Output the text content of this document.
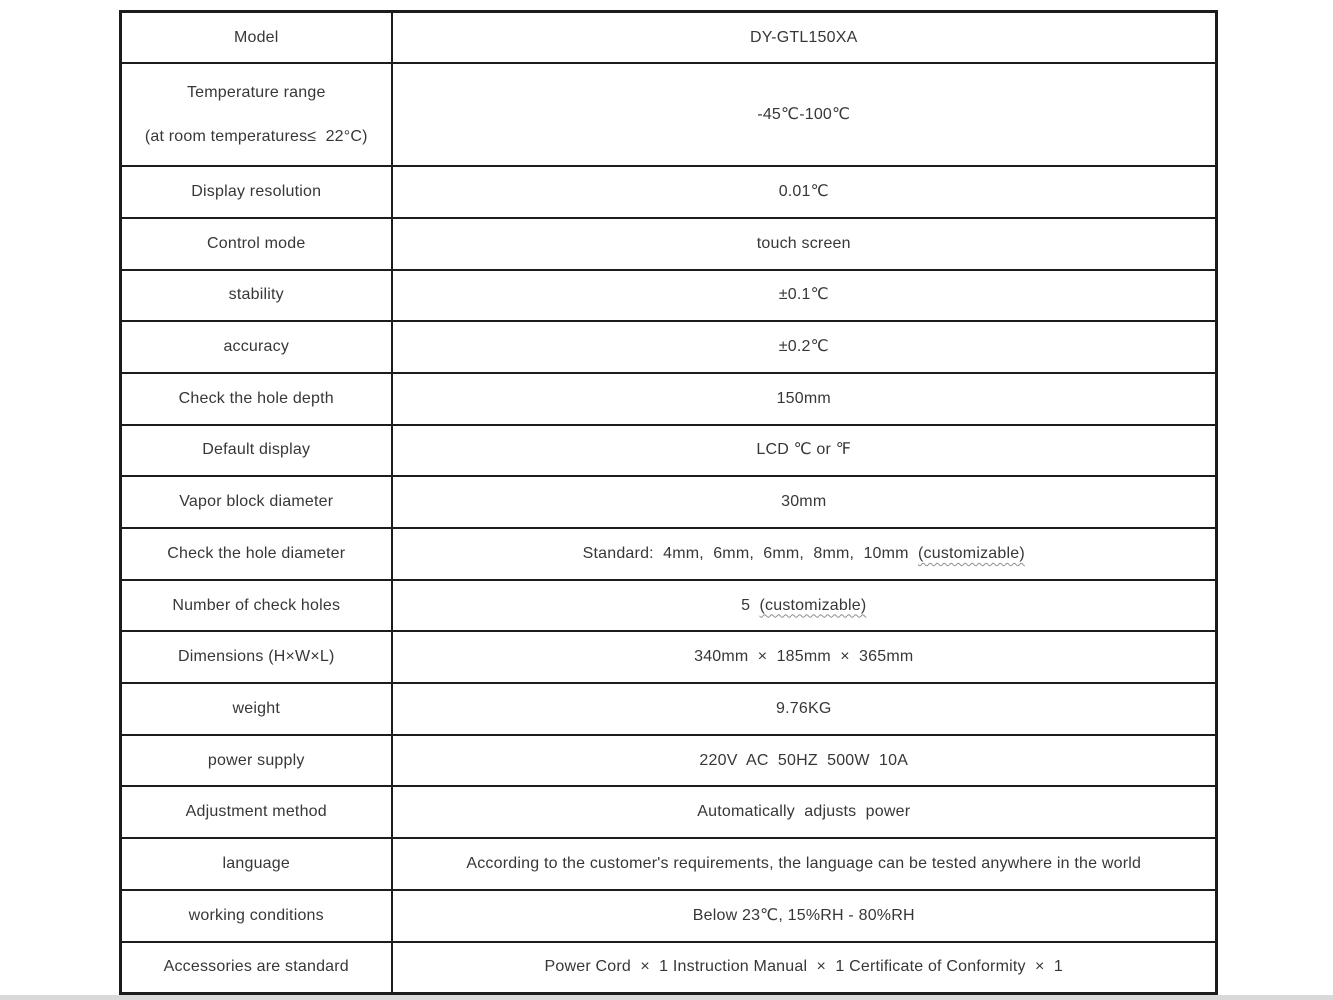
Model	DY-GTL150XA

Temperature range
(at room temperatures≤  22°C)	-45℃-100℃
Display resolution	0.01℃
Control mode	touch screen
stability	±0.1℃
accuracy	±0.2℃
Check the hole depth	150mm
Default display	LCD ℃ or ℉
Vapor block diameter	30mm
Check the hole diameter	Standard:  4mm,  6mm,  6mm,  8mm,  10mm  (customizable)
Number of check holes	5  (customizable)
Dimensions (H×W×L)	340mm  ×  185mm  ×  365mm
weight	9.76KG
power supply	220V  AC  50HZ  500W  10A
Adjustment method	Automatically  adjusts  power
language	According to the customer's requirements, the language can be tested anywhere in the world
working conditions	Below 23℃, 15%RH - 80%RH
Accessories are standard	Power Cord  ×  1 Instruction Manual  ×  1 Certificate of Conformity  ×  1
